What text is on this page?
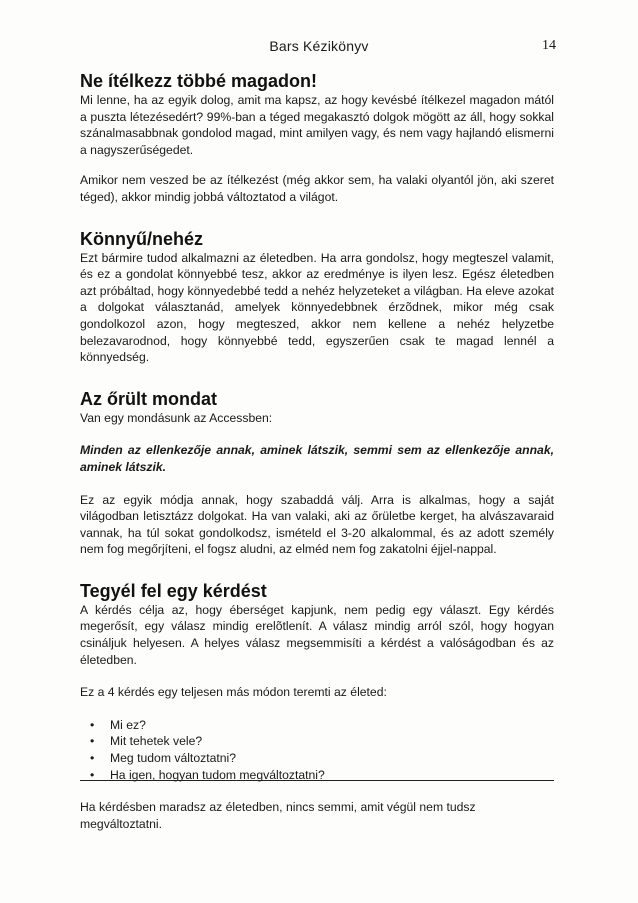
Bars Kézikönyv	14
Ne ítélkezz többé magadon!

Mi lenne, ha az egyik dolog, amit ma kapsz, az hogy kevésbé ítélkezel magadon mától a puszta létezésedért? 99%-ban a téged megakasztó dolgok mögött az áll, hogy sokkal szánalmasabbnak gondolod magad, mint amilyen vagy, és nem vagy hajlandó elismerni a nagyszerűségedet.

Amikor nem veszed be az ítélkezést (még akkor sem, ha valaki olyantól jön, aki szeret téged), akkor mindig jobbá változtatod a világot.

Könnyű/nehéz

Ezt bármire tudod alkalmazni az életedben. Ha arra gondolsz, hogy megteszel valamit, és ez a gondolat könnyebbé tesz, akkor az eredménye is ilyen lesz. Egész életedben azt próbáltad, hogy könnyedebbé tedd a nehéz helyzeteket a világban. Ha eleve azokat a dolgokat választanád, amelyek könnyedebbnek érzõdnek, mikor még csak gondolkozol azon, hogy megteszed, akkor nem kellene a nehéz helyzetbe belezavarodnod, hogy könnyebbé tedd, egyszerűen csak te magad lennél a könnyedség.

Az őrült mondat

Van egy mondásunk az Accessben:

Minden az ellenkezője annak, aminek látszik, semmi sem az ellenkezője annak, aminek látszik.

Ez az egyik módja annak, hogy szabaddá válj. Arra is alkalmas, hogy a saját világodban letisztázz dolgokat. Ha van valaki, aki az őrületbe kerget, ha alvászavaraid vannak, ha túl sokat gondolkodsz, ismételd el 3-20 alkalommal, és az adott személy nem fog megőrjíteni, el fogsz aludni, az elméd nem fog zakatolni éjjel-nappal.

Tegyél fel egy kérdést

A kérdés célja az, hogy éberséget kapjunk, nem pedig egy választ. Egy kérdés megerősít, egy válasz mindig erelõtlenít. A válasz mindig arról szól, hogy hogyan csináljuk helyesen. A helyes válasz megsemmisíti a kérdést a valóságodban és az életedben.

Ez a 4 kérdés egy teljesen más módon teremti az életed:

• Mi ez?
• Mit tehetek vele?
• Meg tudom változtatni?
• Ha igen, hogyan tudom megváltoztatni?

Ha kérdésben maradsz az életedben, nincs semmi, amit végül nem tudsz megváltoztatni.
